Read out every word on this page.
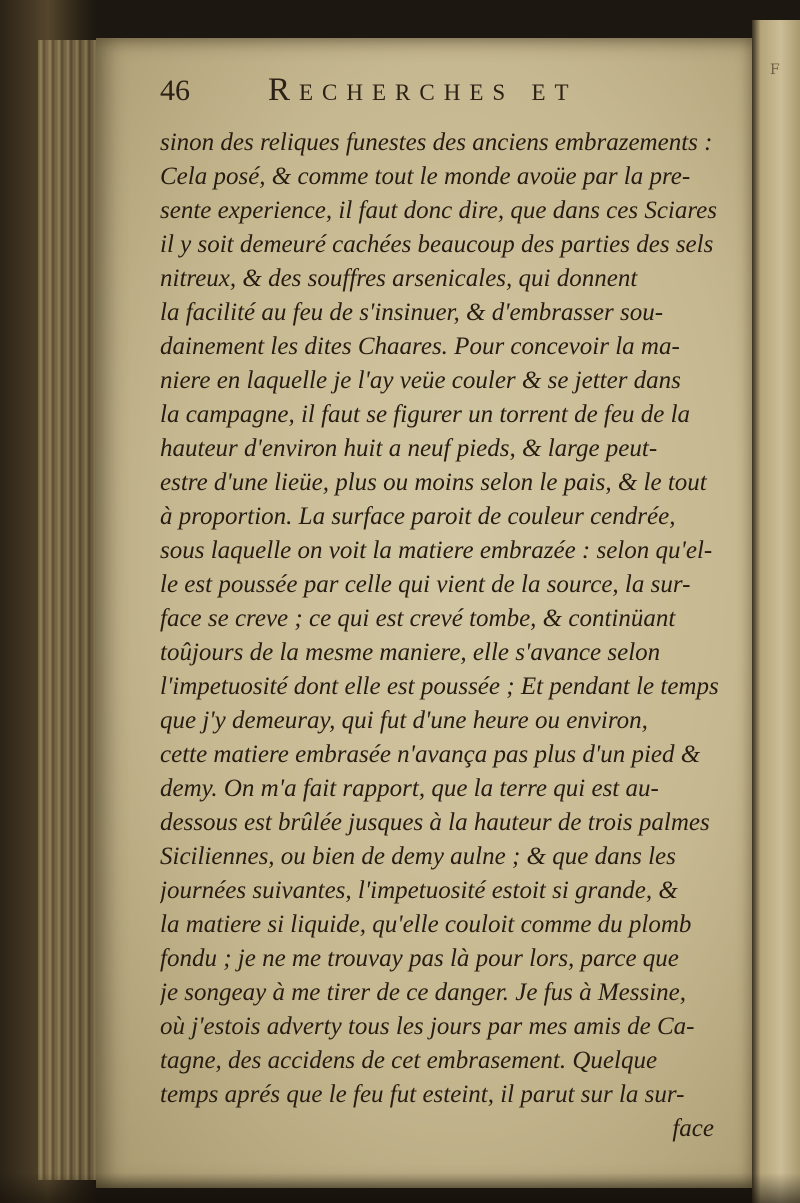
F
46 Recherches et
sinon des reliques funestes des anciens embrazements :
Cela posé, & comme tout le monde avoüe par la pre-
sente experience, il faut donc dire, que dans ces Sciares
il y soit demeuré cachées beaucoup des parties des sels
nitreux, & des souffres arsenicales, qui donnent
la facilité au feu de s'insinuer, & d'embrasser sou-
dainement les dites Chaares. Pour concevoir la ma-
niere en laquelle je l'ay veüe couler & se jetter dans
la campagne, il faut se figurer un torrent de feu de la
hauteur d'environ huit a neuf pieds, & large peut-
estre d'une lieüe, plus ou moins selon le pais, & le tout
à proportion. La surface paroit de couleur cendrée,
sous laquelle on voit la matiere embrazée : selon qu'el-
le est poussée par celle qui vient de la source, la sur-
face se creve ; ce qui est crevé tombe, & continüant
toûjours de la mesme maniere, elle s'avance selon
l'impetuosité dont elle est poussée ; Et pendant le temps
que j'y demeuray, qui fut d'une heure ou environ,
cette matiere embrasée n'avança pas plus d'un pied &
demy. On m'a fait rapport, que la terre qui est au-
dessous est brûlée jusques à la hauteur de trois palmes
Siciliennes, ou bien de demy aulne ; & que dans les
journées suivantes, l'impetuosité estoit si grande, &
la matiere si liquide, qu'elle couloit comme du plomb
fondu ; je ne me trouvay pas là pour lors, parce que
je songeay à me tirer de ce danger. Je fus à Messine,
où j'estois adverty tous les jours par mes amis de Ca-
tagne, des accidens de cet embrasement. Quelque
temps aprés que le feu fut esteint, il parut sur la sur-
face
